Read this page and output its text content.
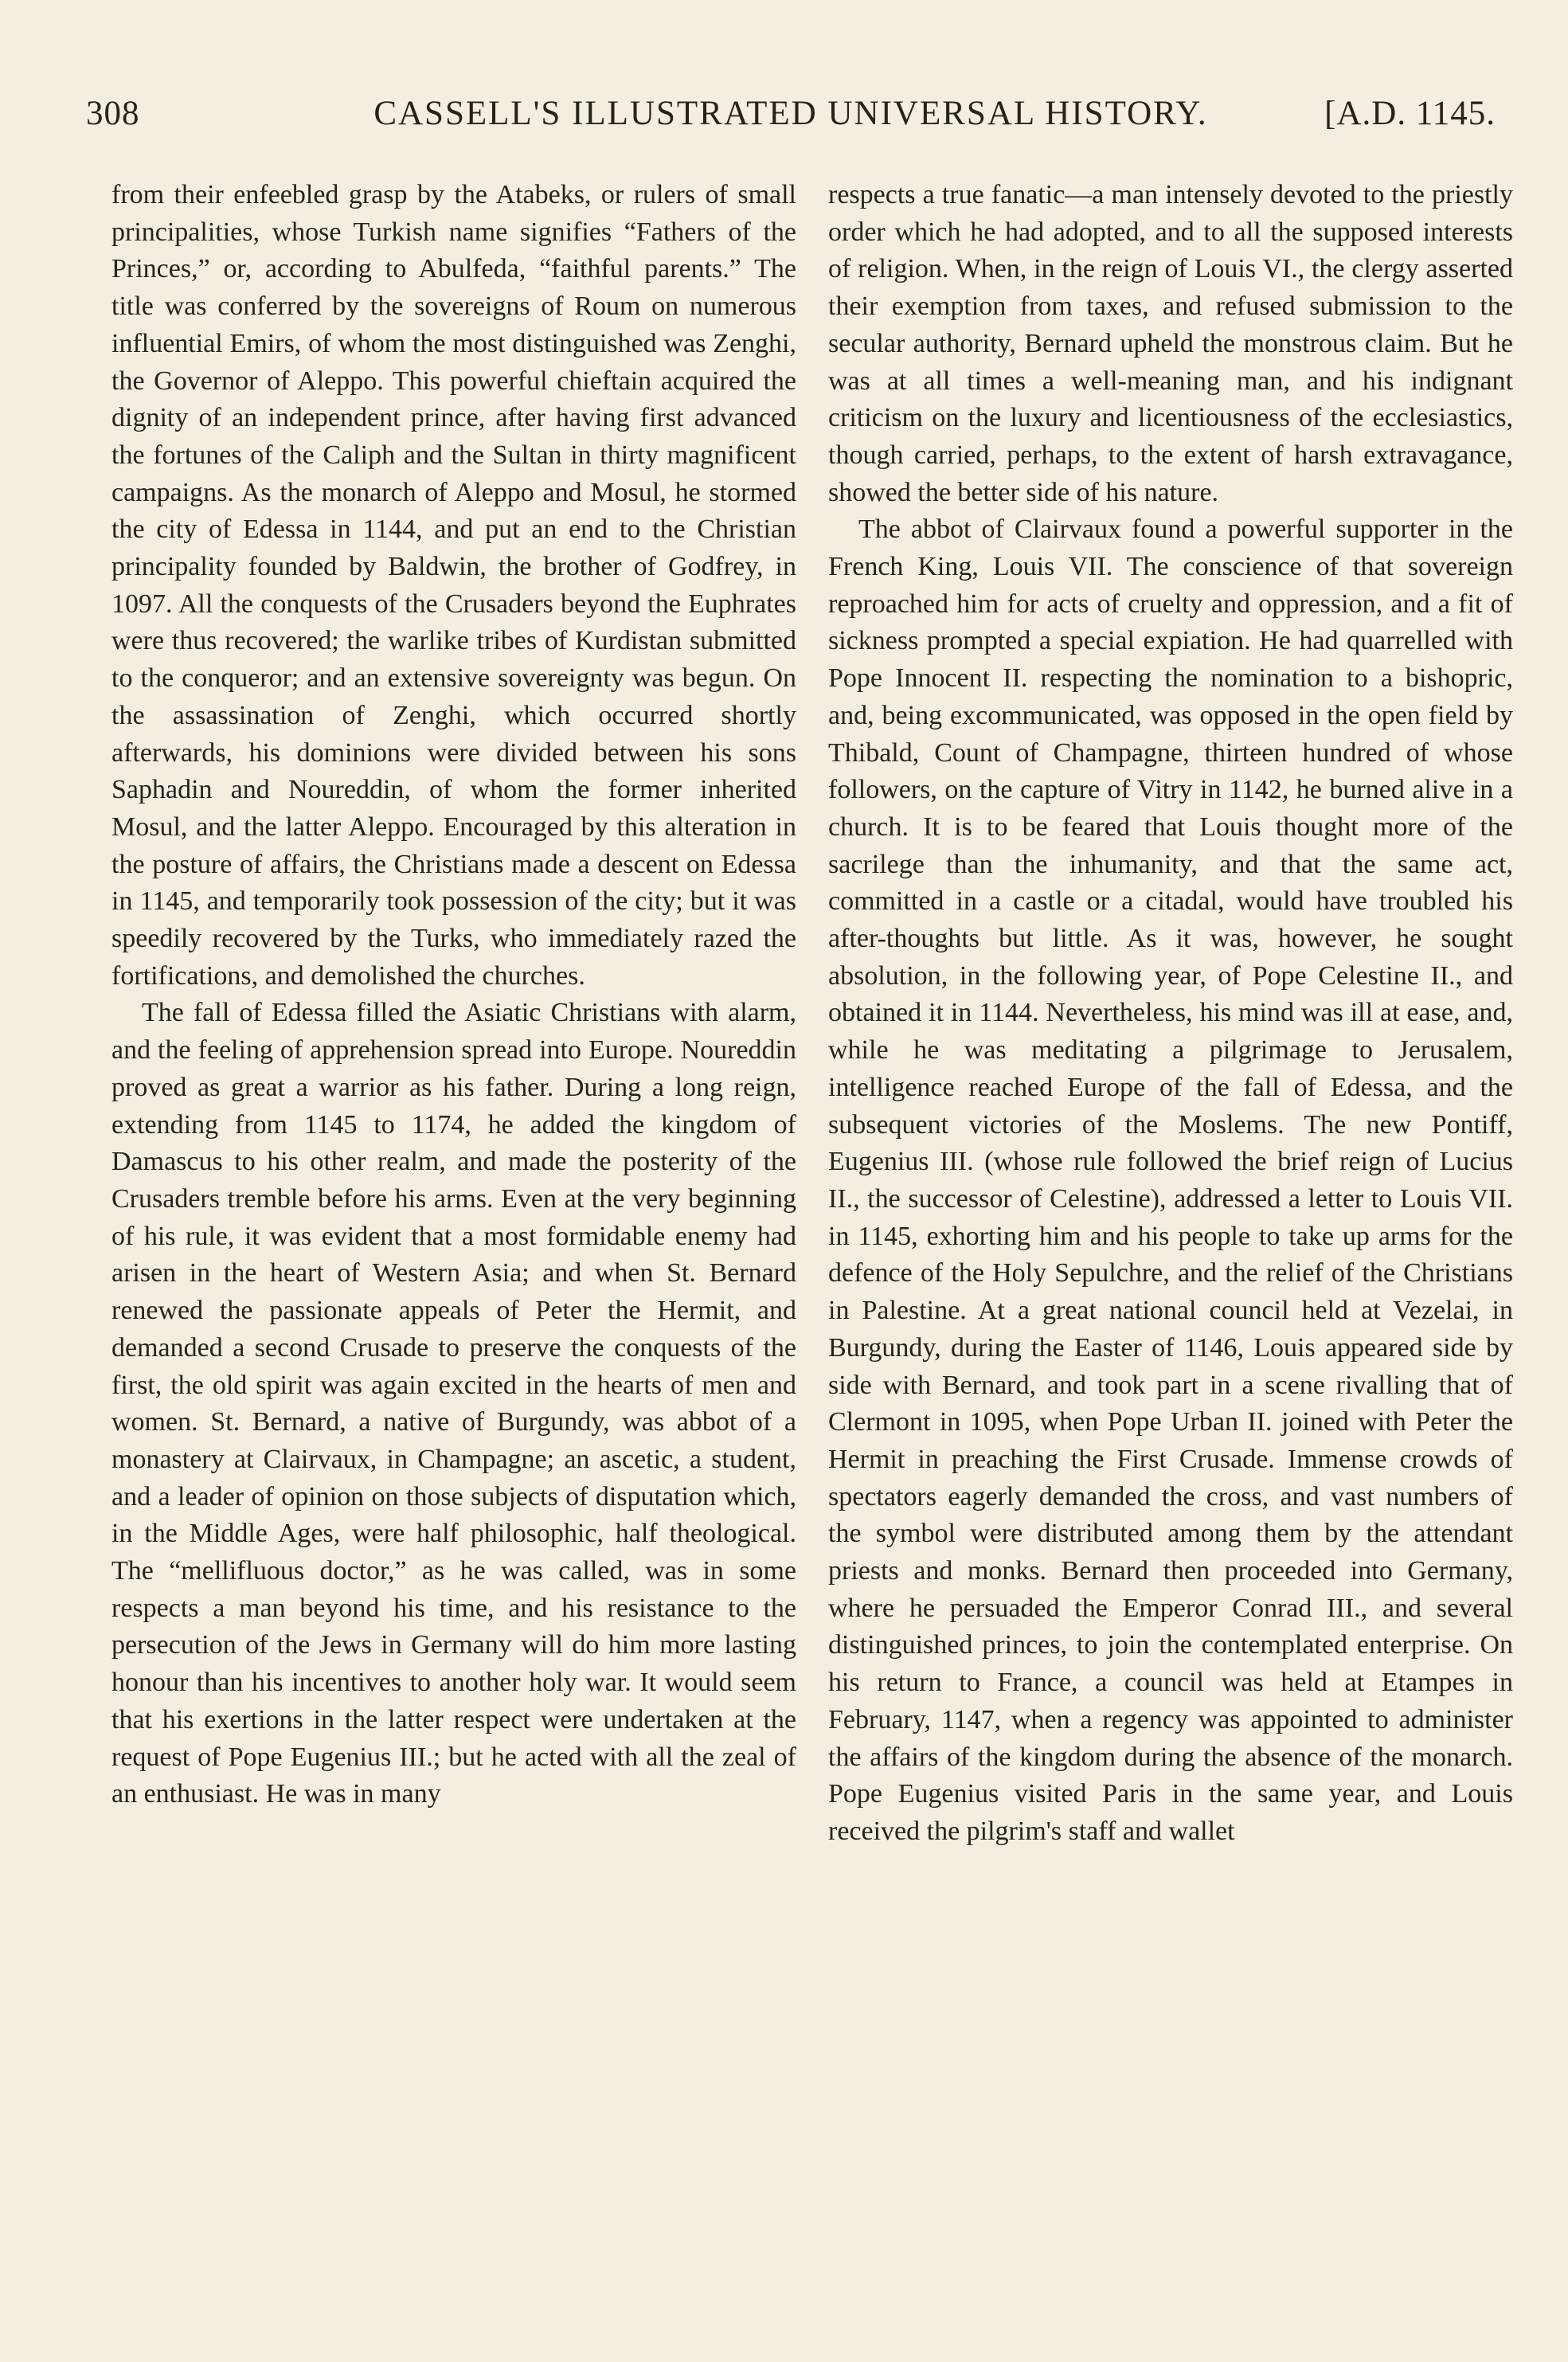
308	CASSELL'S ILLUSTRATED UNIVERSAL HISTORY.	[A.D. 1145.

from their enfeebled grasp by the Atabeks, or rulers of small principalities, whose Turkish name signifies “Fathers of the Princes,” or, according to Abulfeda, “faithful parents.” The title was conferred by the sovereigns of Roum on numerous influential Emirs, of whom the most distinguished was Zenghi, the Governor of Aleppo. This powerful chieftain acquired the dignity of an independent prince, after having first advanced the fortunes of the Caliph and the Sultan in thirty magnificent campaigns. As the monarch of Aleppo and Mosul, he stormed the city of Edessa in 1144, and put an end to the Christian principality founded by Baldwin, the brother of Godfrey, in 1097. All the conquests of the Crusaders beyond the Euphrates were thus recovered; the warlike tribes of Kurdistan submitted to the conqueror; and an extensive sovereignty was begun. On the assassination of Zenghi, which occurred shortly afterwards, his dominions were divided between his sons Saphadin and Noureddin, of whom the former inherited Mosul, and the latter Aleppo. Encouraged by this alteration in the posture of affairs, the Christians made a descent on Edessa in 1145, and temporarily took possession of the city; but it was speedily recovered by the Turks, who immediately razed the fortifications, and demolished the churches.

The fall of Edessa filled the Asiatic Christians with alarm, and the feeling of apprehension spread into Europe. Noureddin proved as great a warrior as his father. During a long reign, extending from 1145 to 1174, he added the kingdom of Damascus to his other realm, and made the posterity of the Crusaders tremble before his arms. Even at the very beginning of his rule, it was evident that a most formidable enemy had arisen in the heart of Western Asia; and when St. Bernard renewed the passionate appeals of Peter the Hermit, and demanded a second Crusade to preserve the conquests of the first, the old spirit was again excited in the hearts of men and women. St. Bernard, a native of Burgundy, was abbot of a monastery at Clairvaux, in Champagne; an ascetic, a student, and a leader of opinion on those subjects of disputation which, in the Middle Ages, were half philosophic, half theological. The “mellifluous doctor,” as he was called, was in some respects a man beyond his time, and his resistance to the persecution of the Jews in Germany will do him more lasting honour than his incentives to another holy war. It would seem that his exertions in the latter respect were undertaken at the request of Pope Eugenius III.; but he acted with all the zeal of an enthusiast. He was in many

respects a true fanatic—a man intensely devoted to the priestly order which he had adopted, and to all the supposed interests of religion. When, in the reign of Louis VI., the clergy asserted their exemption from taxes, and refused submission to the secular authority, Bernard upheld the monstrous claim. But he was at all times a well-meaning man, and his indignant criticism on the luxury and licentiousness of the ecclesiastics, though carried, perhaps, to the extent of harsh extravagance, showed the better side of his nature.

The abbot of Clairvaux found a powerful supporter in the French King, Louis VII. The conscience of that sovereign reproached him for acts of cruelty and oppression, and a fit of sickness prompted a special expiation. He had quarrelled with Pope Innocent II. respecting the nomination to a bishopric, and, being excommunicated, was opposed in the open field by Thibald, Count of Champagne, thirteen hundred of whose followers, on the capture of Vitry in 1142, he burned alive in a church. It is to be feared that Louis thought more of the sacrilege than the inhumanity, and that the same act, committed in a castle or a citadal, would have troubled his after-thoughts but little. As it was, however, he sought absolution, in the following year, of Pope Celestine II., and obtained it in 1144. Nevertheless, his mind was ill at ease, and, while he was meditating a pilgrimage to Jerusalem, intelligence reached Europe of the fall of Edessa, and the subsequent victories of the Moslems. The new Pontiff, Eugenius III. (whose rule followed the brief reign of Lucius II., the successor of Celestine), addressed a letter to Louis VII. in 1145, exhorting him and his people to take up arms for the defence of the Holy Sepulchre, and the relief of the Christians in Palestine. At a great national council held at Vezelai, in Burgundy, during the Easter of 1146, Louis appeared side by side with Bernard, and took part in a scene rivalling that of Clermont in 1095, when Pope Urban II. joined with Peter the Hermit in preaching the First Crusade. Immense crowds of spectators eagerly demanded the cross, and vast numbers of the symbol were distributed among them by the attendant priests and monks. Bernard then proceeded into Germany, where he persuaded the Emperor Conrad III., and several distinguished princes, to join the contemplated enterprise. On his return to France, a council was held at Etampes in February, 1147, when a regency was appointed to administer the affairs of the kingdom during the absence of the monarch. Pope Eugenius visited Paris in the same year, and Louis received the pilgrim's staff and wallet
